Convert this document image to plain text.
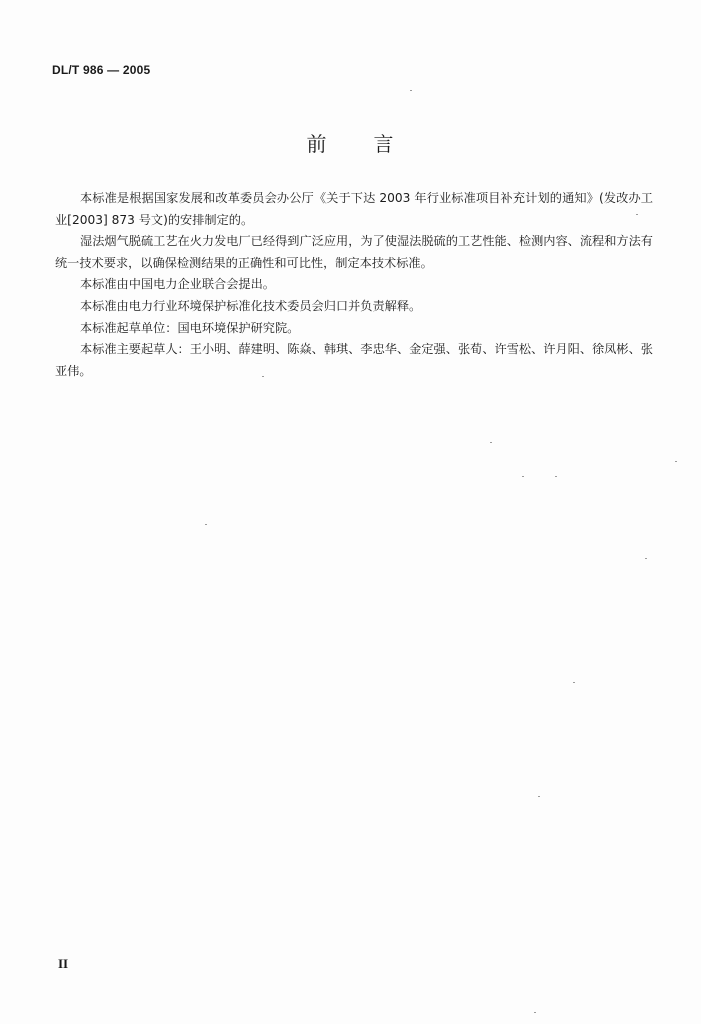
DL/T 986 — 2005
前 言

本标准是根据国家发展和改革委员会办公厅《关于下达 2003 年行业标准项目补充计划的通知》(发改办工业[2003] 873 号文)的安排制定的。

湿法烟气脱硫工艺在火力发电厂已经得到广泛应用，为了使湿法脱硫的工艺性能、检测内容、流程和方法有统一技术要求，以确保检测结果的正确性和可比性，制定本技术标准。

本标准由中国电力企业联合会提出。

本标准由电力行业环境保护标准化技术委员会归口并负责解释。

本标准起草单位：国电环境保护研究院。

本标准主要起草人：王小明、薛建明、陈焱、韩琪、李忠华、金定强、张荀、许雪松、许月阳、徐凤彬、张亚伟。

II
